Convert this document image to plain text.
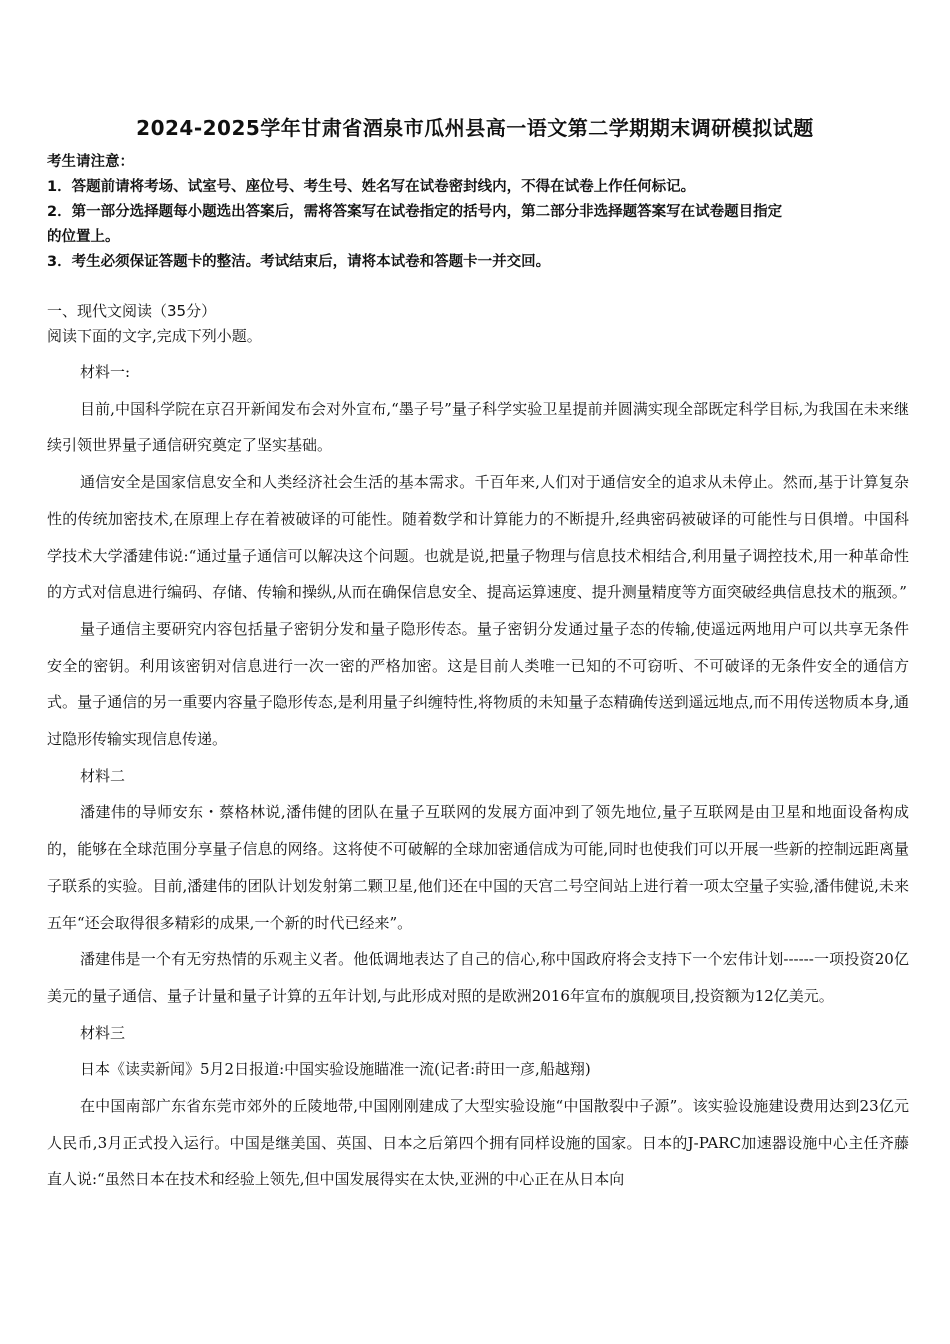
2024-2025学年甘肃省酒泉市瓜州县高一语文第二学期期末调研模拟试题
考生请注意：
1．答题前请将考场、试室号、座位号、考生号、姓名写在试卷密封线内，不得在试卷上作任何标记。
2．第一部分选择题每小题选出答案后，需将答案写在试卷指定的括号内，第二部分非选择题答案写在试卷题目指定
的位置上。
3．考生必须保证答题卡的整洁。考试结束后，请将本试卷和答题卡一并交回。
一、现代文阅读（35分）

阅读下面的文字,完成下列小题。

材料一:

目前,中国科学院在京召开新闻发布会对外宣布,“墨子号”量子科学实验卫星提前并圆满实现全部既定科学目标,为我国在未来继续引领世界量子通信研究奠定了坚实基础。

通信安全是国家信息安全和人类经济社会生活的基本需求。千百年来,人们对于通信安全的追求从未停止。然而,基于计算复杂性的传统加密技术,在原理上存在着被破译的可能性。随着数学和计算能力的不断提升,经典密码被破译的可能性与日俱增。中国科学技术大学潘建伟说:“通过量子通信可以解决这个问题。也就是说,把量子物理与信息技术相结合,利用量子调控技术,用一种革命性的方式对信息进行编码、存储、传输和操纵,从而在确保信息安全、提高运算速度、提升测量精度等方面突破经典信息技术的瓶颈。”

量子通信主要研究内容包括量子密钥分发和量子隐形传态。量子密钥分发通过量子态的传输,使遥远两地用户可以共享无条件安全的密钥。利用该密钥对信息进行一次一密的严格加密。这是目前人类唯一已知的不可窃听、不可破译的无条件安全的通信方式。量子通信的另一重要内容量子隐形传态,是利用量子纠缠特性,将物质的未知量子态精确传送到遥远地点,而不用传送物质本身,通过隐形传输实现信息传递。

材料二

潘建伟的导师安东・蔡格林说,潘伟健的团队在量子互联网的发展方面冲到了领先地位,量子互联网是由卫星和地面设备构成的，能够在全球范围分享量子信息的网络。这将使不可破解的全球加密通信成为可能,同时也使我们可以开展一些新的控制远距离量子联系的实验。目前,潘建伟的团队计划发射第二颗卫星,他们还在中国的天宫二号空间站上进行着一项太空量子实验,潘伟健说,未来五年“还会取得很多精彩的成果,一个新的时代已经来”。

潘建伟是一个有无穷热情的乐观主义者。他低调地表达了自己的信心,称中国政府将会支持下一个宏伟计划------一项投资20亿美元的量子通信、量子计量和量子计算的五年计划,与此形成对照的是欧洲2016年宣布的旗舰项目,投资额为12亿美元。

材料三

日本《读卖新闻》5月2日报道:中国实验设施瞄准一流(记者:莳田一彦,船越翔)

在中国南部广东省东莞市郊外的丘陵地带,中国刚刚建成了大型实验设施“中国散裂中子源”。该实验设施建设费用达到23亿元人民币,3月正式投入运行。中国是继美国、英国、日本之后第四个拥有同样设施的国家。日本的J-PARC加速器设施中心主任齐藤直人说:“虽然日本在技术和经验上领先,但中国发展得实在太快,亚洲的中心正在从日本向
